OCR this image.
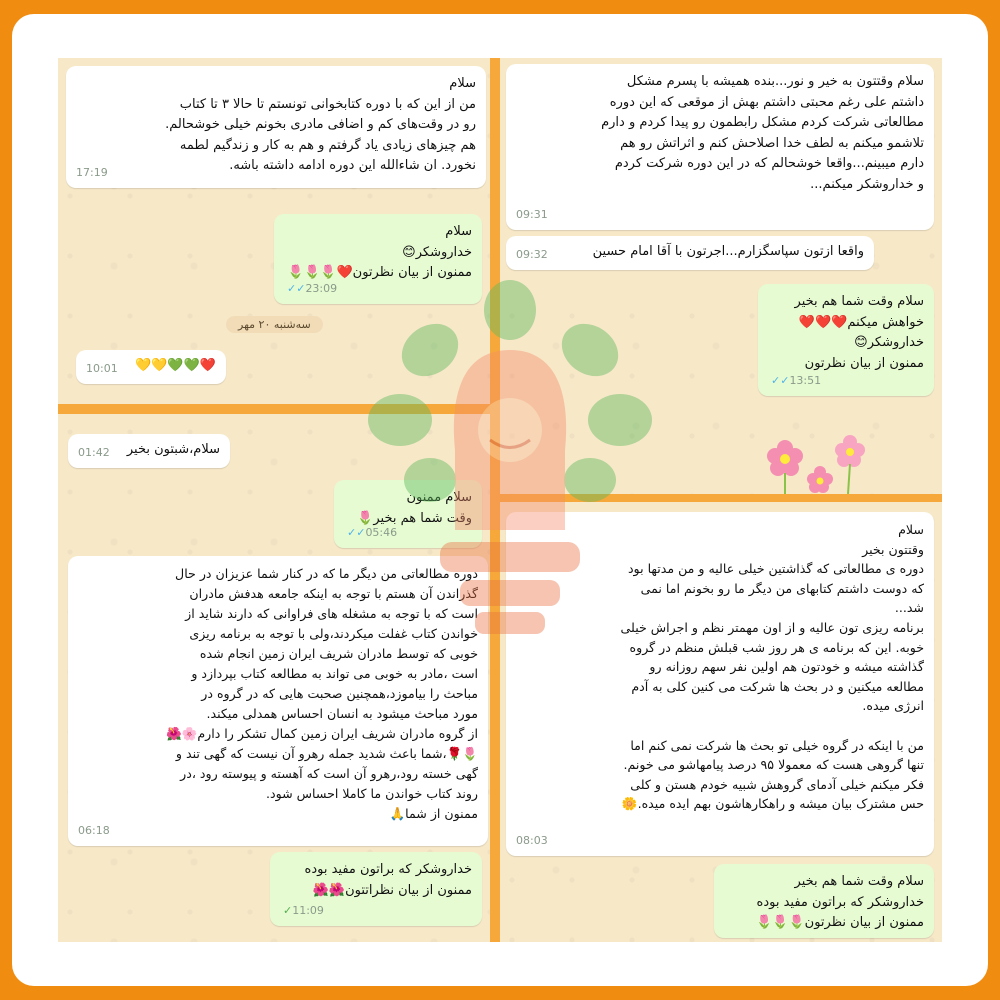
سلام
من از این که با دوره کتابخوانی تونستم تا حالا ۳ تا کتاب
رو در وقت‌های کم و اضافی مادری بخونم خیلی خوشحالم.
هم چیزهای زیادی یاد گرفتم و هم به کار و زندگیم لطمه
نخورد. ان شاءالله این دوره ادامه داشته باشه.
17:19
سلام
خداروشکر😊
ممنون از بیان نظرتون❤️🌷🌷🌷
✓✓23:09
سه‌شنبه ۲۰ مهر
❤️💚💚💛💛
10:01
سلام وقتتون به خیر و نور...بنده همیشه با پسرم مشکل
داشتم علی رغم محبتی داشتم بهش از موقعی که این دوره
مطالعاتی شرکت کردم مشکل رابطمون رو پیدا کردم و دارم
تلاشمو میکنم به لطف خدا اصلاحش کنم و اثراتش رو هم
دارم میبینم...واقعا خوشحالم که در این دوره شرکت کردم
و خداروشکر میکنم...
09:31
واقعا ازتون سپاسگزارم...اجرتون با آقا امام حسین
09:32
سلام وقت شما هم بخیر
خواهش میکنم❤️❤️❤️
خداروشکر😊
ممنون از بیان نظرتون
✓✓13:51
سلام،شبتون بخیر
01:42
سلام ممنون
وقت شما هم بخیر🌷
✓✓05:46
دوره مطالعاتی من دیگر ما که در کنار شما عزیزان در حال
گذراندن آن هستم با توجه به اینکه جامعه هدفش مادران
است که با توجه به مشغله های فراوانی که دارند شاید از
خواندن کتاب غفلت میکردند،ولی با توجه به برنامه ریزی
خوبی که توسط مادران شریف ایران زمین انجام شده
است ،مادر به خوبی می تواند به مطالعه کتاب بپردازد و
مباحث را بیاموزد،همچنین صحبت هایی که در گروه در
مورد مباحث میشود به انسان احساس همدلی میکند.
از گروه مادران شریف ایران زمین کمال تشکر را دارم🌸🌺
🌷🌹،شما باعث شدید جمله رهرو آن نیست که گهی تند و
گهی خسته رود،رهرو آن است که آهسته و پیوسته رود ،در
روند کتاب خواندن ما کاملا احساس شود.
ممنون از شما🙏
06:18
خداروشکر که براتون مفید بوده
ممنون از بیان نظراتتون🌺🌺
✓11:09
سلام
وقتتون بخیر
دوره ی مطالعاتی که گذاشتین خیلی عالیه و من مدتها بود
که دوست داشتم کتابهای من دیگر ما رو بخونم اما نمی
شد...
برنامه ریزی تون عالیه و از اون مهمتر نظم و اجراش خیلی
خوبه. این که برنامه ی هر روز شب قبلش منظم در گروه
گذاشته میشه و خودتون هم اولین نفر سهم روزانه رو
مطالعه میکنین و در بحث ها شرکت می کنین کلی به آدم
انرژی میده.

من با اینکه در گروه خیلی تو بحث ها شرکت نمی کنم اما
تنها گروهی هست که معمولا ۹۵ درصد پیامهاشو می خونم.
فکر میکنم خیلی آدمای گروهش شبیه خودم هستن و کلی
حس مشترک بیان میشه و راهکارهاشون بهم ایده میده.🌼
08:03
سلام وقت شما هم بخیر
خداروشکر که براتون مفید بوده
ممنون از بیان نظرتون🌷🌷🌷
